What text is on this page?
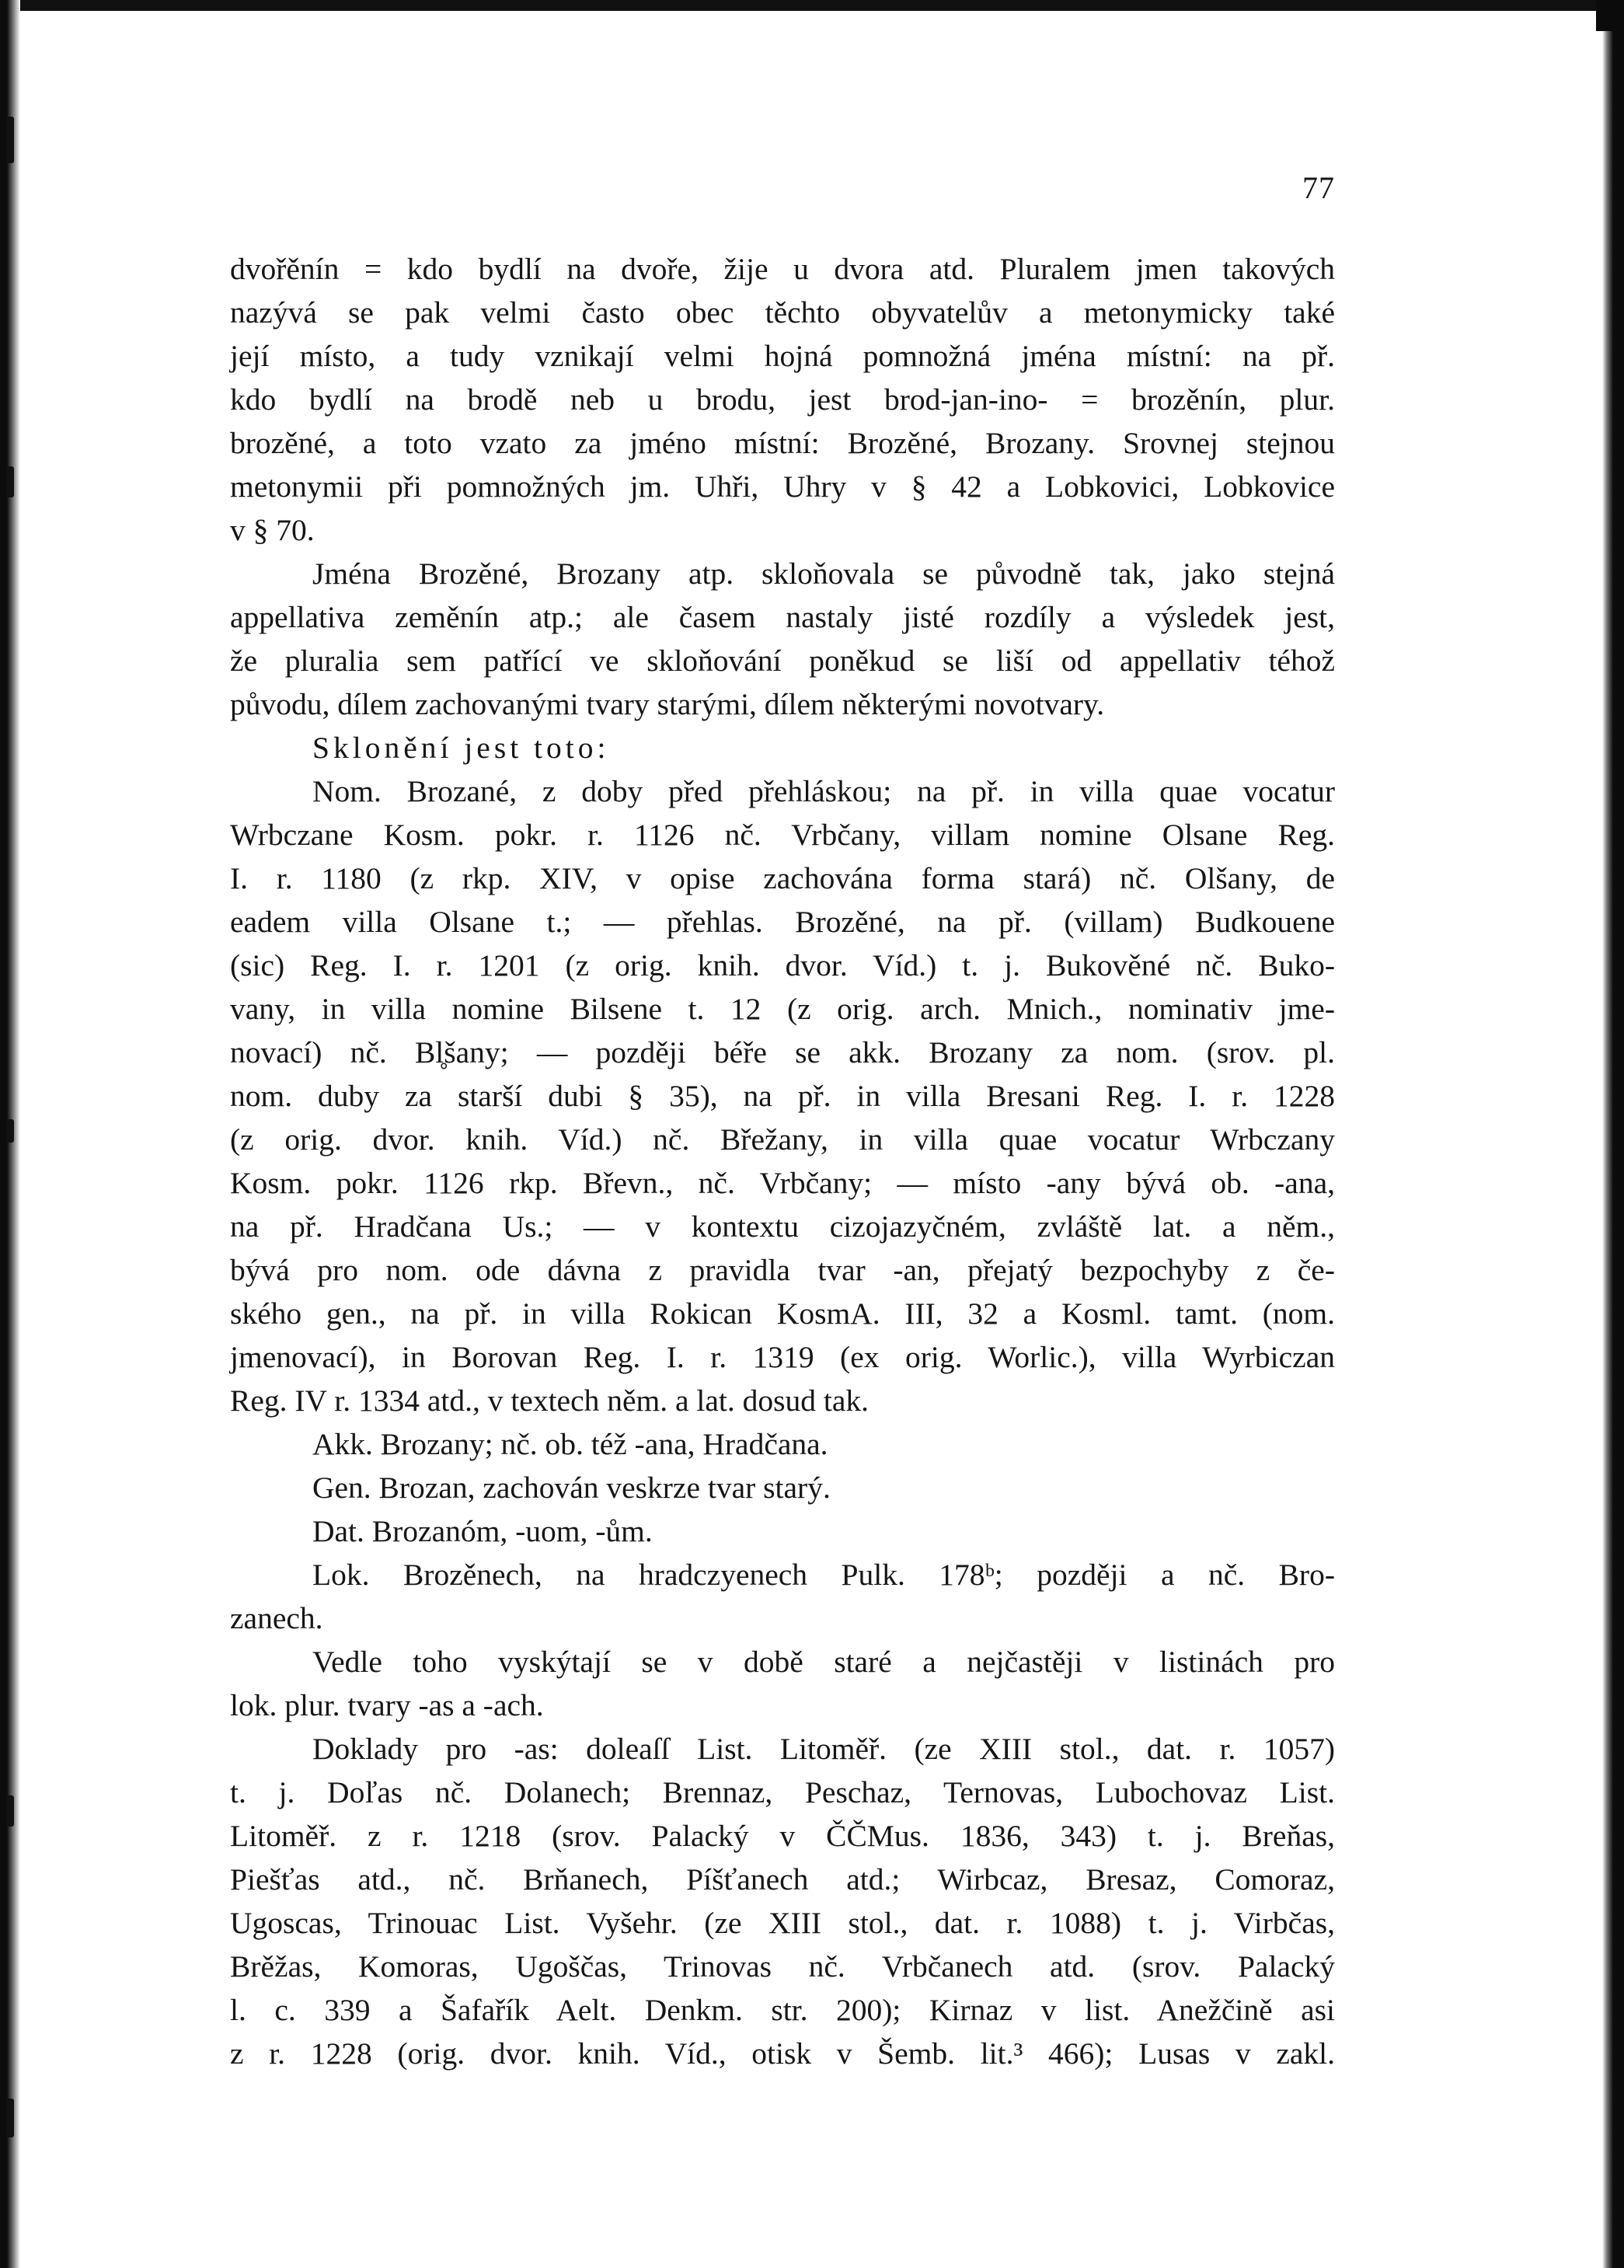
77
dvořěnín = kdo bydlí na dvoře, žije u dvora atd. Pluralem jmen takových
nazývá se pak velmi často obec těchto obyvatelův a metonymicky také
její místo, a tudy vznikají velmi hojná pomnožná jména místní: na př.
kdo bydlí na brodě neb u brodu, jest brod-jan-ino- = brozěnín, plur.
brozěné, a toto vzato za jméno místní: Brozěné, Brozany. Srovnej stejnou
metonymii při pomnožných jm. Uhři, Uhry v § 42 a Lobkovici, Lobkovice
v § 70.
Jména Brozěné, Brozany atp. skloňovala se původně tak, jako stejná
appellativa zeměnín atp.; ale časem nastaly jisté rozdíly a výsledek jest,
že pluralia sem patřící ve skloňování poněkud se liší od appellativ téhož
původu, dílem zachovanými tvary starými, dílem některými novotvary.
Sklonění jest toto:
Nom. Brozané, z doby před přehláskou; na př. in villa quae vocatur
Wrbczane Kosm. pokr. r. 1126 nč. Vrbčany, villam nomine Olsane Reg.
I. r. 1180 (z rkp. XIV, v opise zachována forma stará) nč. Olšany, de
eadem villa Olsane t.; — přehlas. Brozěné, na př. (villam) Budkouene
(sic) Reg. I. r. 1201 (z orig. knih. dvor. Víd.) t. j. Bukověné nč. Buko-
vany, in villa nomine Bilsene t. 12 (z orig. arch. Mnich., nominativ jme-
novací) nč. Bl̥šany; — později béře se akk. Brozany za nom. (srov. pl.
nom. duby za starší dubi § 35), na př. in villa Bresani Reg. I. r. 1228
(z orig. dvor. knih. Víd.) nč. Břežany, in villa quae vocatur Wrbczany
Kosm. pokr. 1126 rkp. Břevn., nč. Vrbčany; — místo -any bývá ob. -ana,
na př. Hradčana Us.; — v kontextu cizojazyčném, zvláště lat. a něm.,
bývá pro nom. ode dávna z pravidla tvar -an, přejatý bezpochyby z če-
ského gen., na př. in villa Rokican KosmA. III, 32 a Kosml. tamt. (nom.
jmenovací), in Borovan Reg. I. r. 1319 (ex orig. Worlic.), villa Wyrbiczan
Reg. IV r. 1334 atd., v textech něm. a lat. dosud tak.
Akk. Brozany; nč. ob. též -ana, Hradčana.
Gen. Brozan, zachován veskrze tvar starý.
Dat. Brozanóm, -uom, -ům.
Lok. Brozěnech, na hradczyenech Pulk. 178ᵇ; později a nč. Bro-
zanech.
Vedle toho vyskýtají se v době staré a nejčastěji v listinách pro
lok. plur. tvary -as a -ach.
Doklady pro -as: doleaſſ List. Litoměř. (ze XIII stol., dat. r. 1057)
t. j. Doľas nč. Dolanech; Brennaz, Peschaz, Ternovas, Lubochovaz List.
Litoměř. z r. 1218 (srov. Palacký v ČČMus. 1836, 343) t. j. Breňas,
Piešťas atd., nč. Brňanech, Píšťanech atd.; Wirbcaz, Bresaz, Comoraz,
Ugoscas, Trinouac List. Vyšehr. (ze XIII stol., dat. r. 1088) t. j. Virbčas,
Brěžas, Komoras, Ugoščas, Trinovas nč. Vrbčanech atd. (srov. Palacký
l. c. 339 a Šafařík Aelt. Denkm. str. 200); Kirnaz v list. Anežčině asi
z r. 1228 (orig. dvor. knih. Víd., otisk v Šemb. lit.³ 466); Lusas v zakl.
